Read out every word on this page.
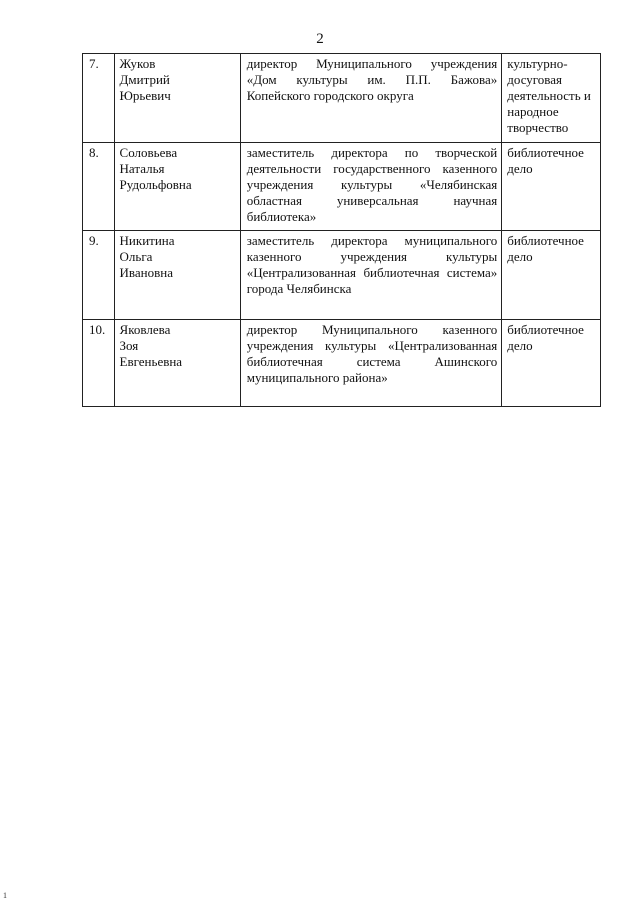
2
7.	Жуков
Дмитрий
Юрьевич	директор Муниципального учреждения «Дом культуры им. П.П. Бажова» Копейского городского округа	культурно-досуговая деятельность и народное творчество

8.	Соловьева
Наталья
Рудольфовна	заместитель директора по творческой деятельности государственного казенного учреждения культуры «Челябинская областная универсальная научная библиотека»	библиотечное дело

9.	Никитина
Ольга
Ивановна	заместитель директора муниципального казенного учреждения культуры «Централизованная библиотечная система» города Челябинска	библиотечное дело

10.	Яковлева
Зоя
Евгеньевна	директор Муниципального казенного учреждения культуры «Централизованная библиотечная система Ашинского муниципального района»	библиотечное дело
1
